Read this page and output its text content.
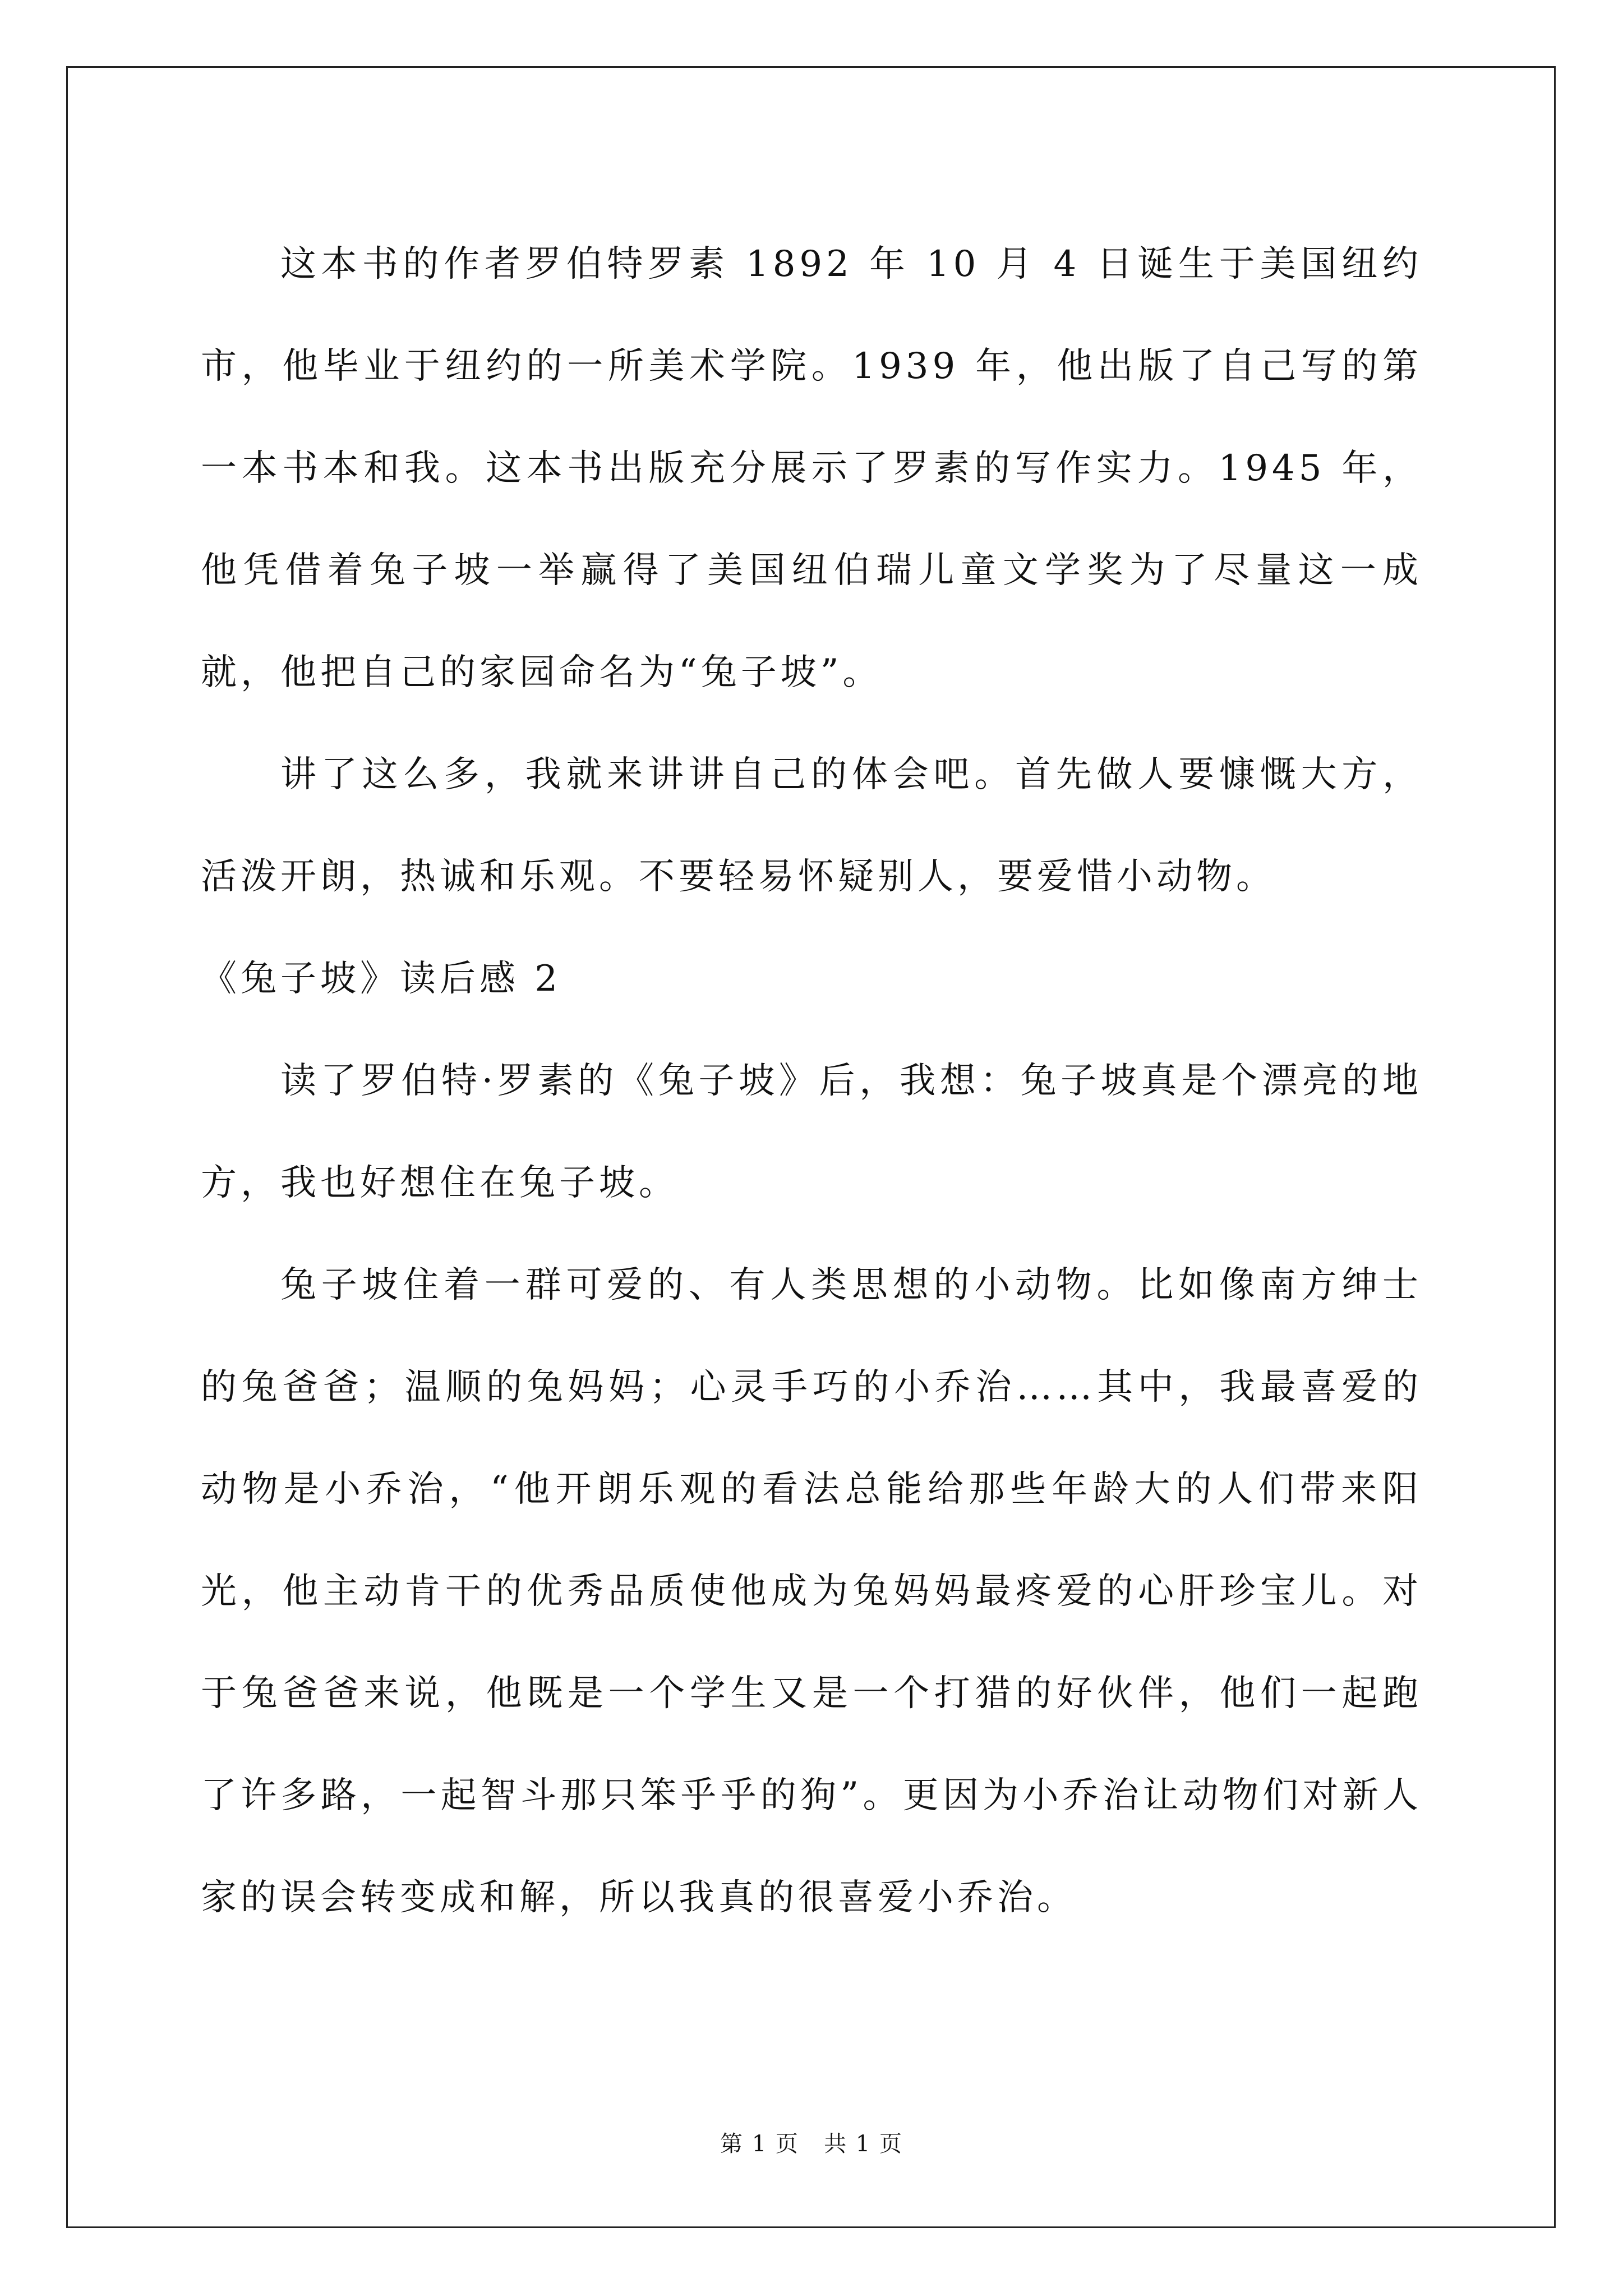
这本书的作者罗伯特罗素 1892 年 10 月 4 日诞生于美国纽约市，他毕业于纽约的一所美术学院。1939 年，他出版了自己写的第一本书本和我。这本书出版充分展示了罗素的写作实力。1945 年，他凭借着兔子坡一举赢得了美国纽伯瑞儿童文学奖为了尽量这一成就，他把自己的家园命名为“兔子坡”。

讲了这么多，我就来讲讲自己的体会吧。首先做人要慷慨大方，活泼开朗，热诚和乐观。不要轻易怀疑别人，要爱惜小动物。

《兔子坡》读后感 2

读了罗伯特·罗素的《兔子坡》后，我想：兔子坡真是个漂亮的地方，我也好想住在兔子坡。

兔子坡住着一群可爱的、有人类思想的小动物。比如像南方绅士的兔爸爸；温顺的兔妈妈；心灵手巧的小乔治……其中，我最喜爱的动物是小乔治，“他开朗乐观的看法总能给那些年龄大的人们带来阳光，他主动肯干的优秀品质使他成为兔妈妈最疼爱的心肝珍宝儿。对于兔爸爸来说，他既是一个学生又是一个打猎的好伙伴，他们一起跑了许多路，一起智斗那只笨乎乎的狗”。更因为小乔治让动物们对新人家的误会转变成和解，所以我真的很喜爱小乔治。

第 1 页 共 1 页
